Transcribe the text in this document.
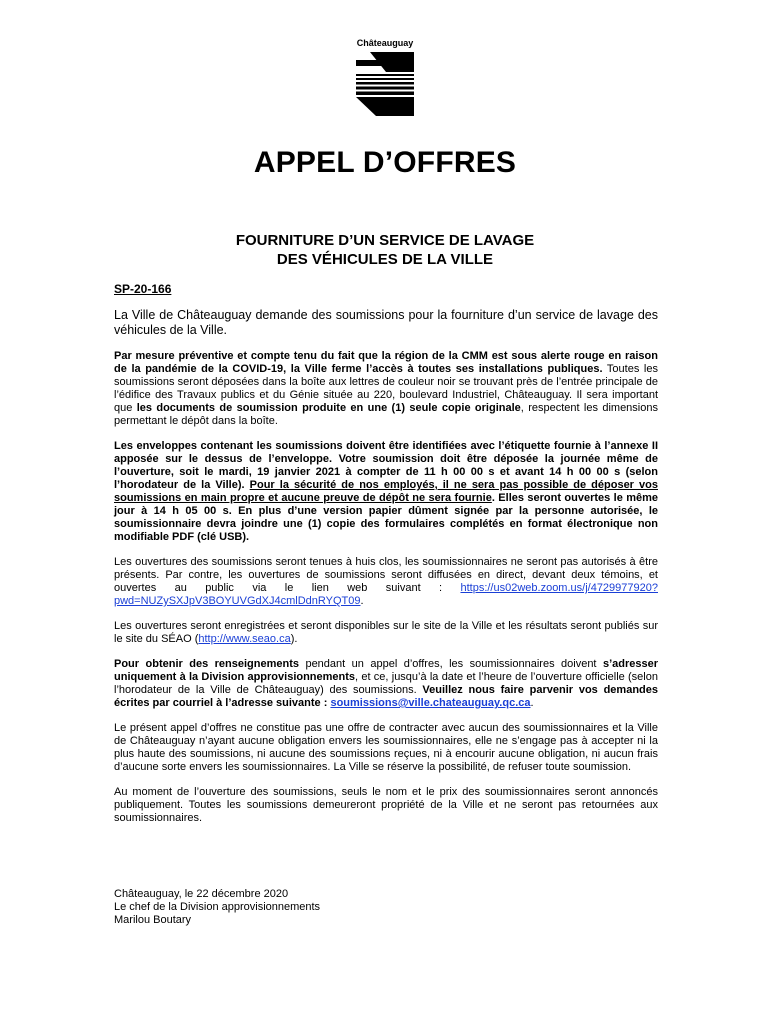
Châteauguay
APPEL D’OFFRES
FOURNITURE D’UN SERVICE DE LAVAGE
DES VÉHICULES DE LA VILLE
SP-20-166

La Ville de Châteauguay demande des soumissions pour la fourniture d’un service de lavage des véhicules de la Ville.

Par mesure préventive et compte tenu du fait que la région de la CMM est sous alerte rouge en raison de la pandémie de la COVID-19, la Ville ferme l’accès à toutes ses installations publiques. Toutes les soumissions seront déposées dans la boîte aux lettres de couleur noir se trouvant près de l’entrée principale de l’édifice des Travaux publics et du Génie située au 220, boulevard Industriel, Châteauguay. Il sera important que les documents de soumission produite en une (1) seule copie originale, respectent les dimensions permettant le dépôt dans la boîte.

Les enveloppes contenant les soumissions doivent être identifiées avec l’étiquette fournie à l’annexe II apposée sur le dessus de l’enveloppe. Votre soumission doit être déposée la journée même de l’ouverture, soit le mardi, 19 janvier 2021 à compter de 11 h 00 00 s et avant 14 h 00 00 s (selon l’horodateur de la Ville). Pour la sécurité de nos employés, il ne sera pas possible de déposer vos soumissions en main propre et aucune preuve de dépôt ne sera fournie. Elles seront ouvertes le même jour à 14 h 05 00 s. En plus d’une version papier dûment signée par la personne autorisée, le soumissionnaire devra joindre une (1) copie des formulaires complétés en format électronique non modifiable PDF (clé USB).

Les ouvertures des soumissions seront tenues à huis clos, les soumissionnaires ne seront pas autorisés à être présents. Par contre, les ouvertures de soumissions seront diffusées en direct, devant deux témoins, et ouvertes au public via le lien web suivant : https://us02web.zoom.us/j/4729977920?pwd=NUZySXJpV3BOYUVGdXJ4cmlDdnRYQT09.

Les ouvertures seront enregistrées et seront disponibles sur le site de la Ville et les résultats seront publiés sur le site du SÉAO (http://www.seao.ca).

Pour obtenir des renseignements pendant un appel d’offres, les soumissionnaires doivent s’adresser uniquement à la Division approvisionnements, et ce, jusqu’à la date et l’heure de l’ouverture officielle (selon l’horodateur de la Ville de Châteauguay) des soumissions. Veuillez nous faire parvenir vos demandes écrites par courriel à l’adresse suivante : soumissions@ville.chateauguay.qc.ca.

Le présent appel d’offres ne constitue pas une offre de contracter avec aucun des soumissionnaires et la Ville de Châteauguay n’ayant aucune obligation envers les soumissionnaires, elle ne s’engage pas à accepter ni la plus haute des soumissions, ni aucune des soumissions reçues, ni à encourir aucune obligation, ni aucun frais d’aucune sorte envers les soumissionnaires. La Ville se réserve la possibilité, de refuser toute soumission.

Au moment de l’ouverture des soumissions, seuls le nom et le prix des soumissionnaires seront annoncés publiquement. Toutes les soumissions demeureront propriété de la Ville et ne seront pas retournées aux soumissionnaires.

Châteauguay, le 22 décembre 2020
Le chef de la Division approvisionnements
Marilou Boutary
